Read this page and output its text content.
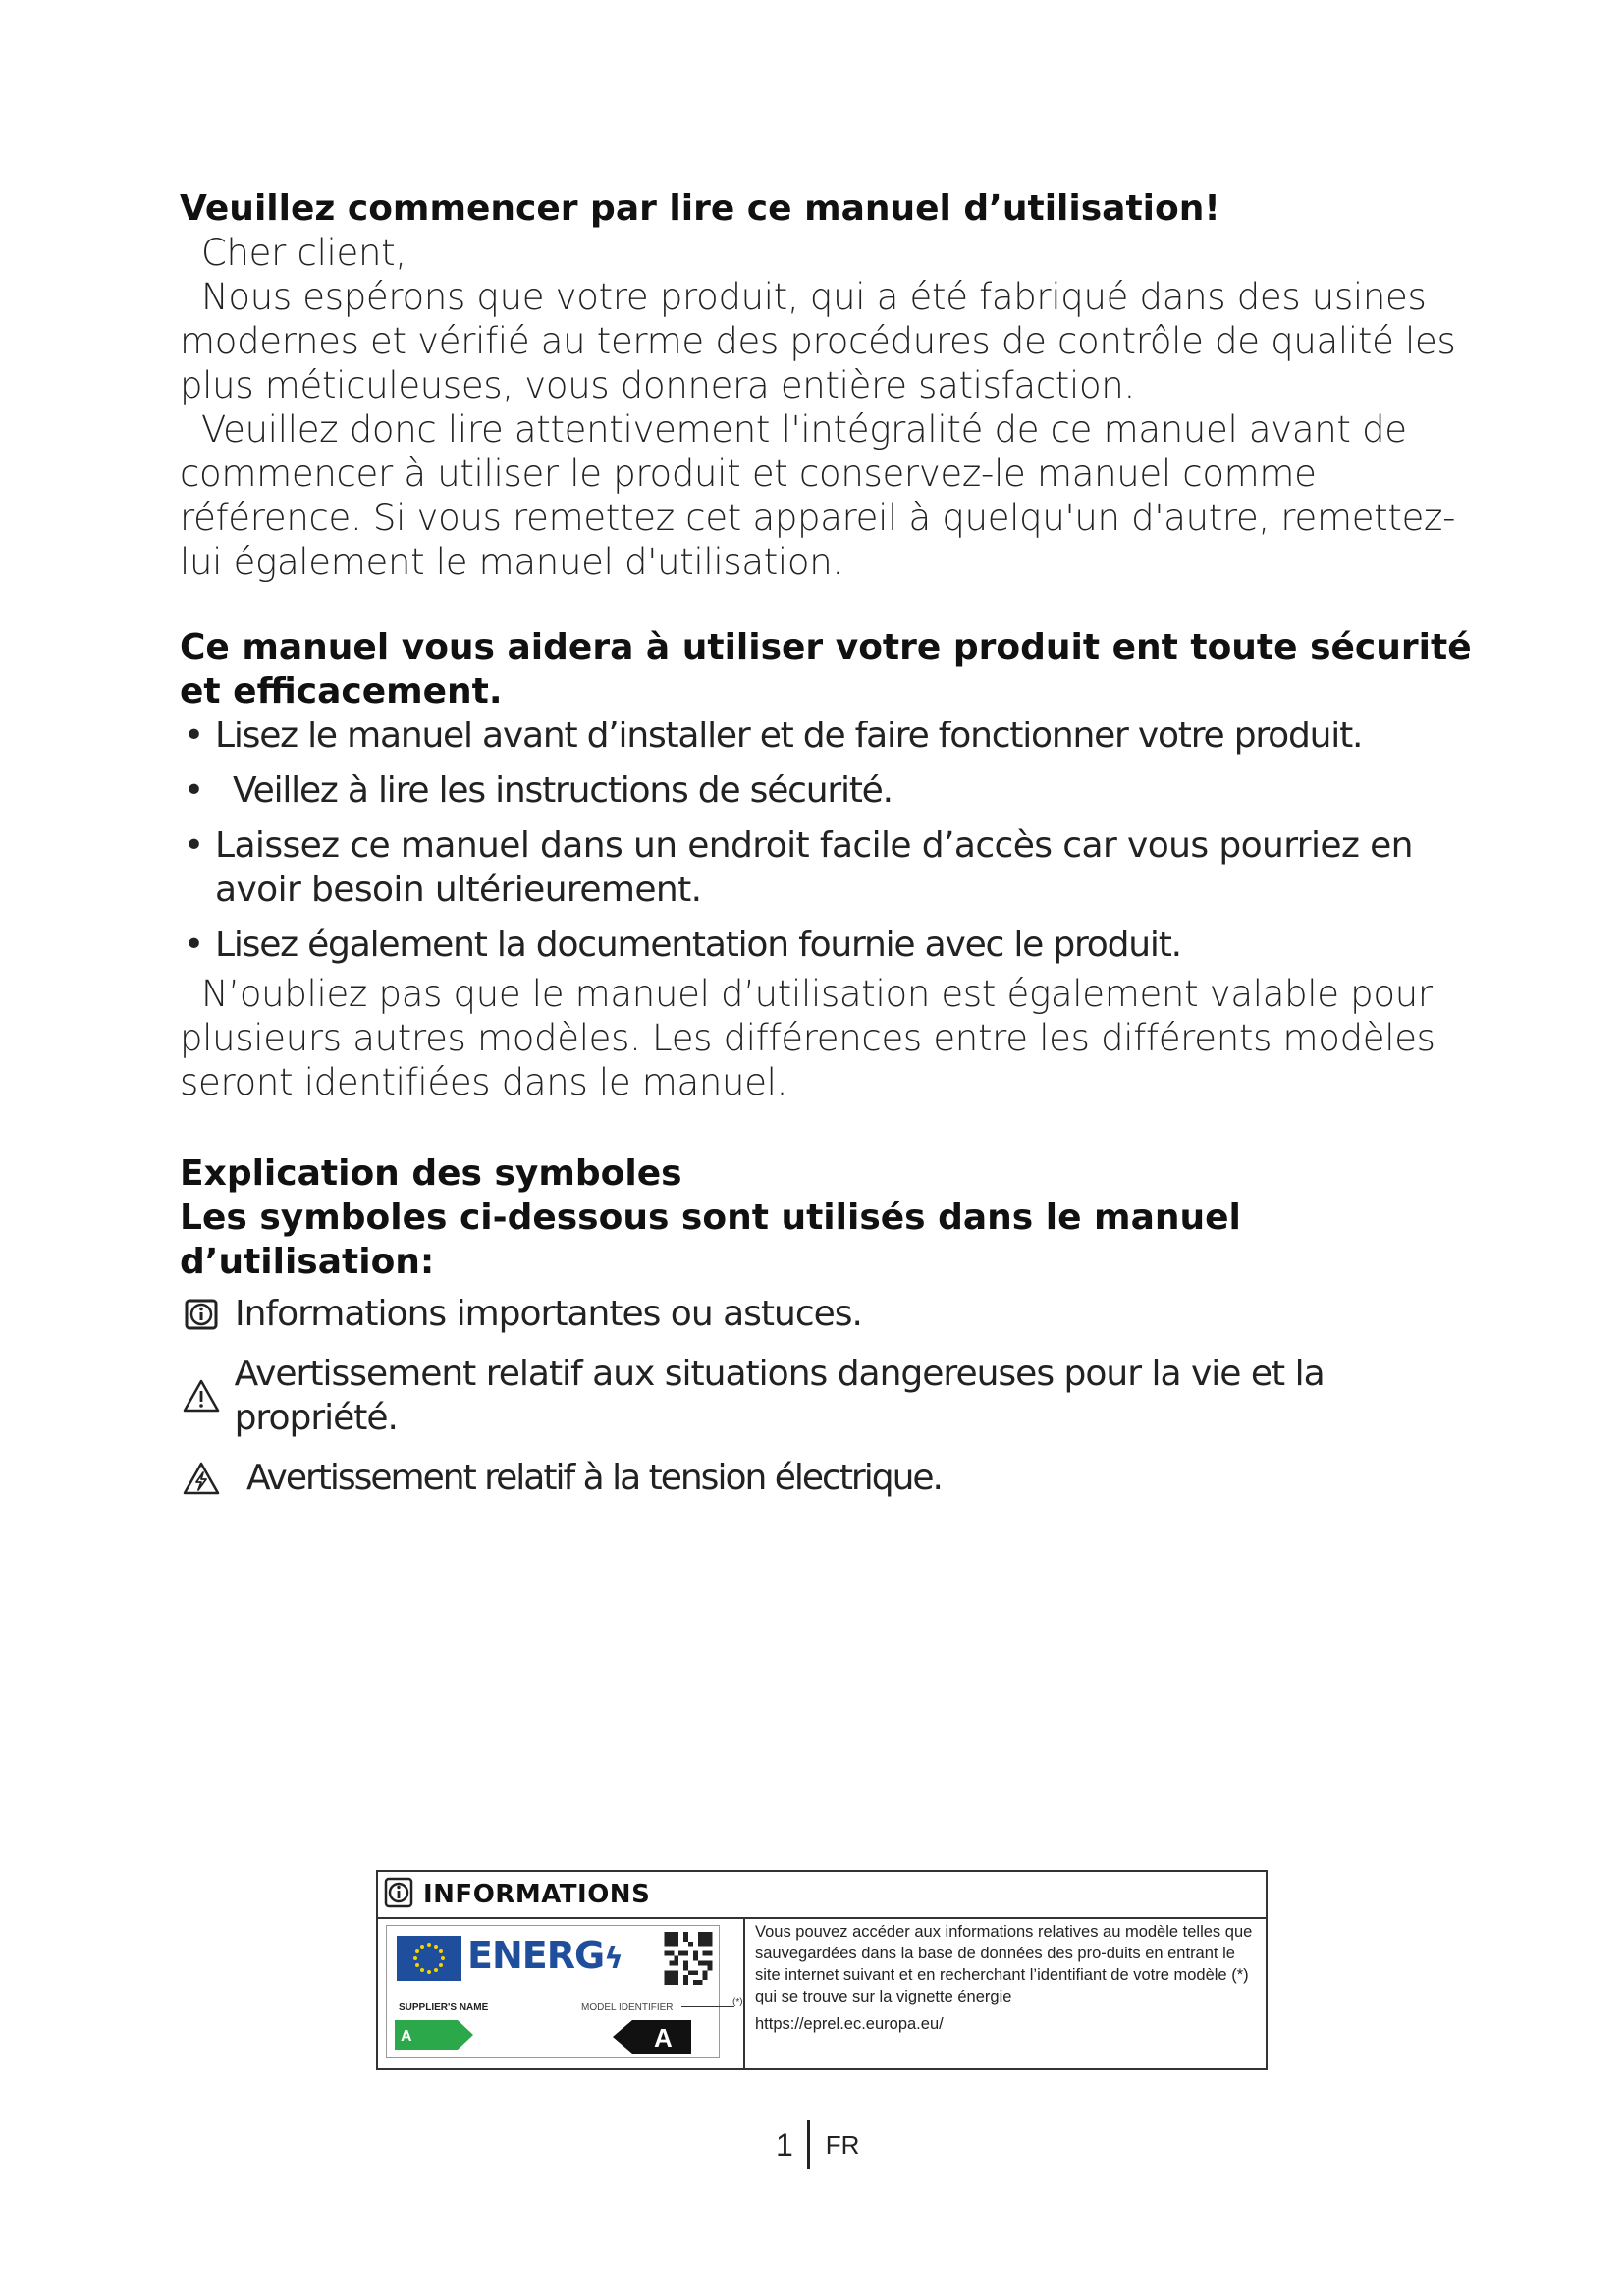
Veuillez commencer par lire ce manuel d’utilisation!

Cher client,

Nous espérons que votre produit, qui a été fabriqué dans des usines modernes et vérifié au terme des procédures de contrôle de qualité les plus méticuleuses, vous donnera entière satisfaction.

Veuillez donc lire attentivement l'intégralité de ce manuel avant de commencer à utiliser le produit et conservez-le manuel comme référence. Si vous remettez cet appareil à quelqu'un d'autre, remettez-lui également le manuel d'utilisation.

Ce manuel vous aidera à utiliser votre produit ent toute sécurité et efficacement.
• Lisez le manuel avant d’installer et de faire fonctionner votre produit.
• Veillez à lire les instructions de sécurité.
• Laissez ce manuel dans un endroit facile d’accès car vous pourriez en avoir besoin ultérieurement.
• Lisez également la documentation fournie avec le produit.

N’oubliez pas que le manuel d’utilisation est également valable pour plusieurs autres modèles. Les différences entre les différents modèles seront identifiées dans le manuel.

Explication des symboles
Les symboles ci-dessous sont utilisés dans le manuel d’utilisation:
Informations importantes ou astuces.
Avertissement relatif aux situations dangereuses pour la vie et la propriété.
Avertissement relatif à la tension électrique.
INFORMATIONS
ENERGϟ
SUPPLIER'S NAME	MODEL IDENTIFIER
(*)
A	A
Vous pouvez accéder aux informations relatives au modèle telles que sauvegardées dans la base de données des pro-duits en entrant le site internet suivant et en recherchant l’identifiant de votre modèle (*) qui se trouve sur la vignette énergie
https://eprel.ec.europa.eu/
1 FR
